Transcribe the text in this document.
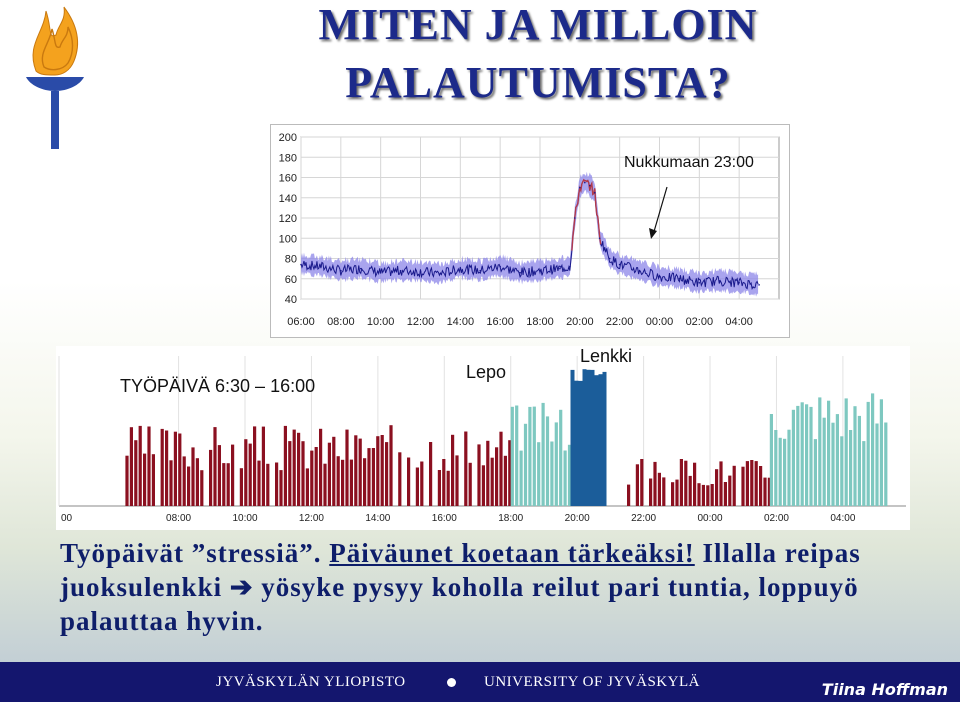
MITEN JA MILLOIN PALAUTUMISTA?
200
180
160
140
120
100
80
60
40
06:00 08:00 10:00 12:00 14:00 16:00 18:00 20:00 22:00 00:00 02:00 04:00
Nukkumaan 23:00
00	08:00	10:00	12:00	14:00	16:00	18:00	20:00	22:00	00:00	02:00	04:00
TYÖPÄIVÄ 6:30 – 16:00
Lepo
Lenkki

Työpäivät ”stressiä”. Päiväunet koetaan tärkeäksi! Illalla reipas juoksulenkki ➔ yösyke pysyy koholla reilut pari tuntia, loppuyö palauttaa hyvin.

JYVÄSKYLÄN YLIOPISTO	UNIVERSITY OF JYVÄSKYLÄ	Tiina Hoffman
